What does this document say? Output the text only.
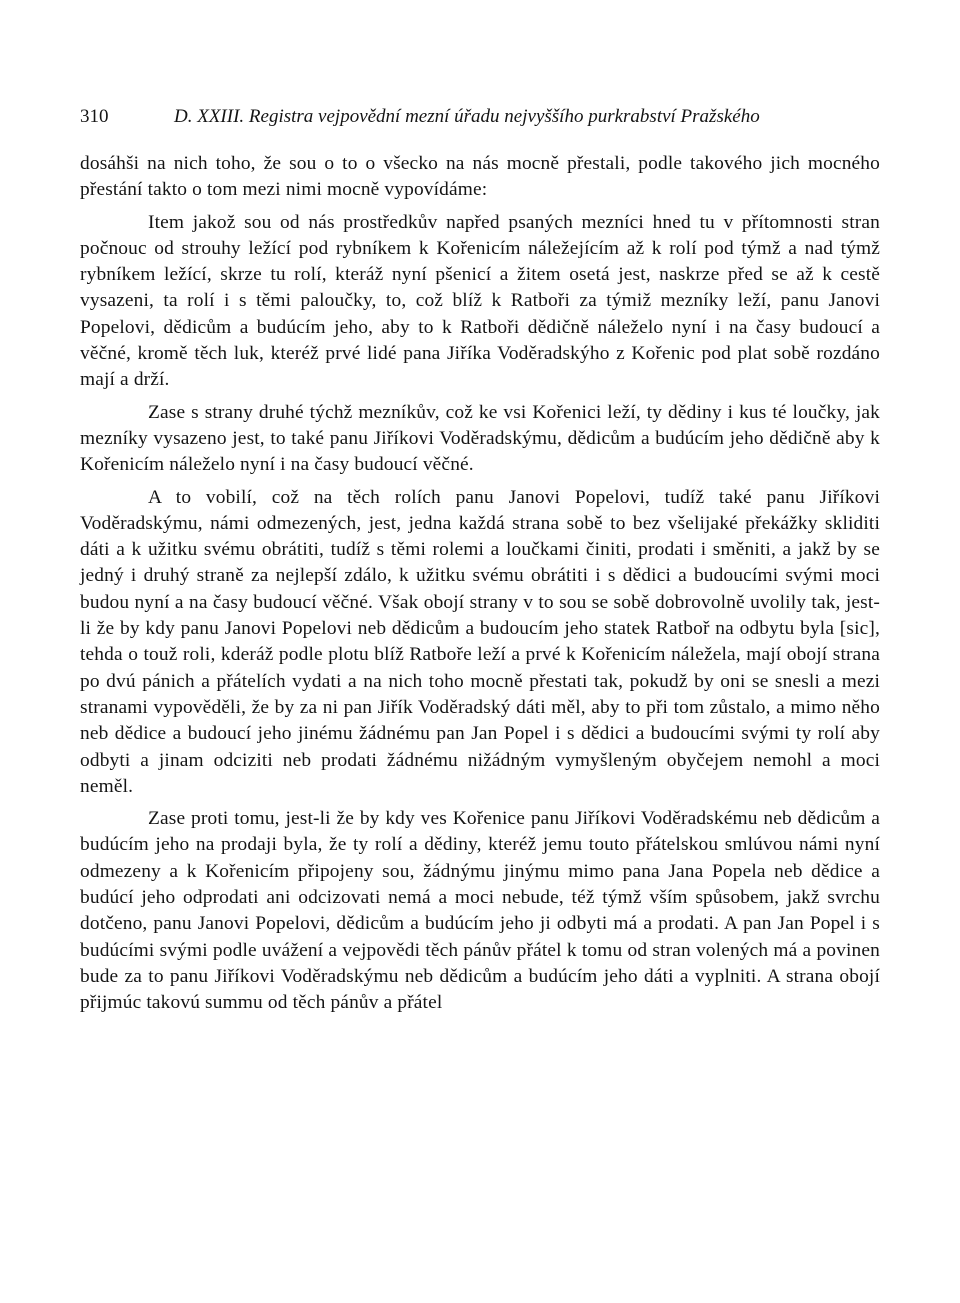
310	D. XXIII. Registra vejpovědní mezní úřadu nejvyššího purkrabství Pražského

dosáhši na nich toho, že sou o to o všecko na nás mocně přestali, podle takového jich mocného přestání takto o tom mezi nimi mocně vypovídáme:

Item jakož sou od nás prostředkův napřed psaných mezníci hned tu v přítomnosti stran počnouc od strouhy ležící pod rybníkem k Kořenicím náležejícím až k rolí pod týmž a nad týmž rybníkem ležící, skrze tu rolí, kteráž nyní pšenicí a žitem osetá jest, naskrze před se až k cestě vysazeni, ta rolí i s těmi paloučky, to, což blíž k Ratboři za týmiž mezníky leží, panu Janovi Popelovi, dědicům a budúcím jeho, aby to k Ratboři dědičně náleželo nyní i na časy budoucí a věčné, kromě těch luk, kteréž prvé lidé pana Jiříka Voděradskýho z Kořenic pod plat sobě rozdáno mají a drží.

Zase s strany druhé týchž mezníkův, což ke vsi Kořenici leží, ty dědiny i kus té loučky, jak mezníky vysazeno jest, to také panu Jiříkovi Voděradskýmu, dědicům a budúcím jeho dědičně aby k Kořenicím náleželo nyní i na časy budoucí věčné.

A to vobilí, což na těch rolích panu Janovi Popelovi, tudíž také panu Jiříkovi Voděradskýmu, námi odmezených, jest, jedna každá strana sobě to bez všelijaké překážky skliditi dáti a k užitku svému obrátiti, tudíž s těmi rolemi a loučkami činiti, prodati i směniti, a jakž by se jedný i druhý straně za nejlepší zdálo, k užitku svému obrátiti i s dědici a budoucími svými moci budou nyní a na časy budoucí věčné. Však obojí strany v to sou se sobě dobrovolně uvolily tak, jest-li že by kdy panu Janovi Popelovi neb dědicům a budoucím jeho statek Ratboř na odbytu byla [sic], tehda o touž roli, kderáž podle plotu blíž Ratboře leží a prvé k Kořenicím náležela, mají obojí strana po dvú pánich a přátelích vydati a na nich toho mocně přestati tak, pokudž by oni se snesli a mezi stranami vypověděli, že by za ni pan Jiřík Voděradský dáti měl, aby to při tom zůstalo, a mimo něho neb dědice a budoucí jeho jinému žádnému pan Jan Popel i s dědici a budoucími svými ty rolí aby odbyti a jinam odciziti neb prodati žádnému nižádným vymyšleným obyčejem nemohl a moci neměl.

Zase proti tomu, jest-li že by kdy ves Kořenice panu Jiříkovi Voděradskému neb dědicům a budúcím jeho na prodaji byla, že ty rolí a dědiny, kteréž jemu touto přátelskou smlúvou námi nyní odmezeny a k Kořenicím připojeny sou, žádnýmu jinýmu mimo pana Jana Popela neb dědice a budúcí jeho odprodati ani odcizovati nemá a moci nebude, též týmž vším spůsobem, jakž svrchu dotčeno, panu Janovi Popelovi, dědicům a budúcím jeho ji odbyti má a prodati. A pan Jan Popel i s budúcími svými podle uvážení a vejpovědi těch pánův přátel k tomu od stran volených má a povinen bude za to panu Jiříkovi Voděradskýmu neb dědicům a budúcím jeho dáti a vyplniti. A strana obojí přijmúc takovú summu od těch pánův a přátel
